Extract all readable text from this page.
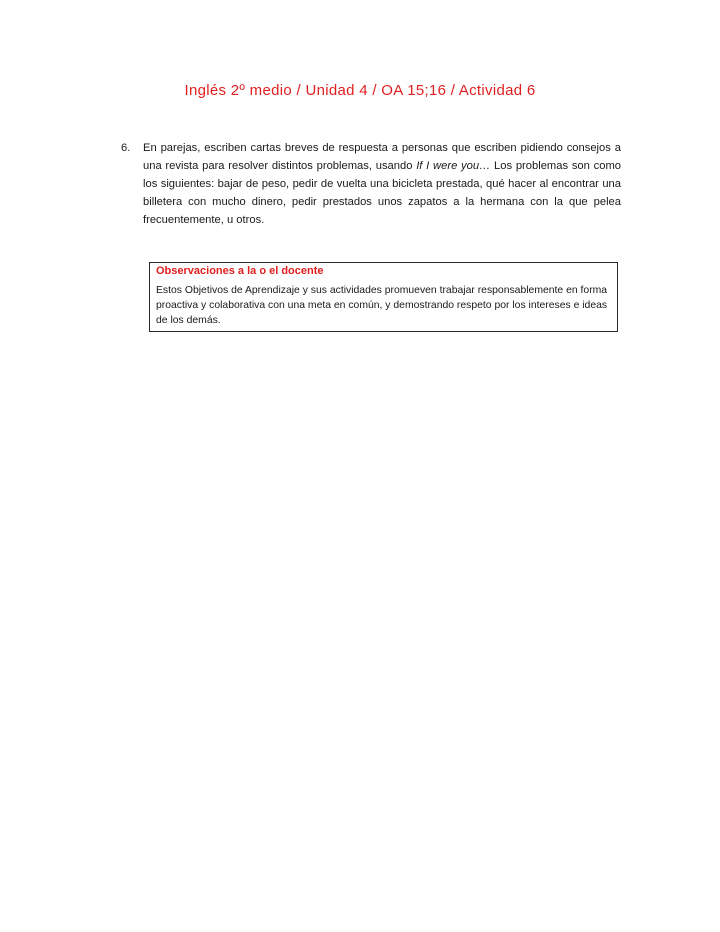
Inglés 2º medio / Unidad 4 / OA 15;16 / Actividad 6
6. En parejas, escriben cartas breves de respuesta a personas que escriben pidiendo consejos a una revista para resolver distintos problemas, usando If I were you… Los problemas son como los siguientes: bajar de peso, pedir de vuelta una bicicleta prestada, qué hacer al encontrar una billetera con mucho dinero, pedir prestados unos zapatos a la hermana con la que pelea frecuentemente, u otros.
Observaciones a la o el docente
Estos Objetivos de Aprendizaje y sus actividades promueven trabajar responsablemente en forma proactiva y colaborativa con una meta en común, y demostrando respeto por los intereses e ideas de los demás.
